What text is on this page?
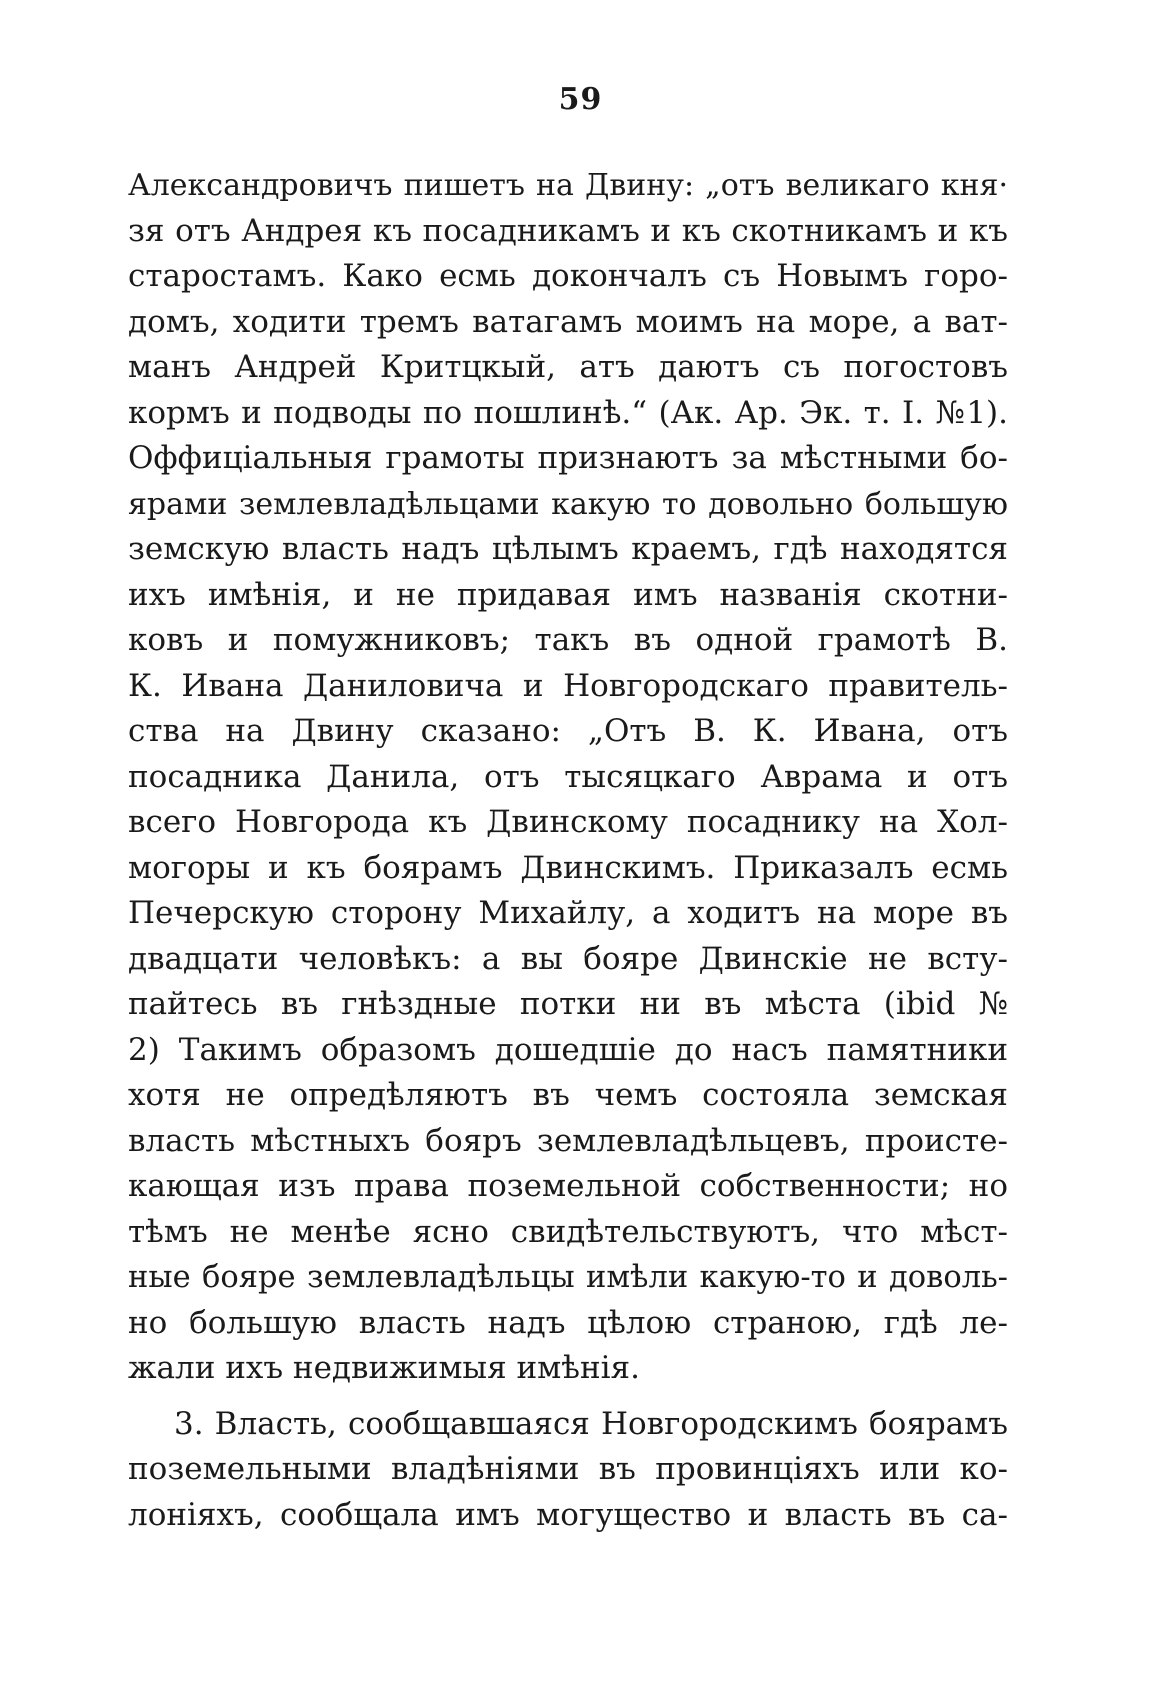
59
Александровичъ пишетъ на Двину: „отъ великаго кня·
зя отъ Андрея къ посадникамъ и къ скотникамъ и къ
старостамъ. Како есмь докончалъ съ Новымъ горо-
домъ, ходити тремъ ватагамъ моимъ на море, а ват-
манъ Андрей Критцкый, атъ даютъ съ погостовъ
кормъ и подводы по пошлинѣ.“ (Ак. Ар. Эк. т. I. №1).
Оффиціальныя грамоты признаютъ за мѣстными бо-
ярами землевладѣльцами какую то довольно большую
земскую власть надъ цѣлымъ краемъ, гдѣ находятся
ихъ имѣнія, и не придавая имъ названія скотни-
ковъ и помужниковъ; такъ въ одной грамотѣ В.
К. Ивана Даниловича и Новгородскаго правитель-
ства на Двину сказано: „Отъ В. К. Ивана, отъ
посадника Данила, отъ тысяцкаго Аврама и отъ
всего Новгорода къ Двинскому посаднику на Хол-
могоры и къ боярамъ Двинскимъ. Приказалъ есмь
Печерскую сторону Михайлу, а ходитъ на море въ
двадцати человѣкъ: а вы бояре Двинскіе не всту-
пайтесь въ гнѣздные потки ни въ мѣста (ibid №
2) Такимъ образомъ дошедшіе до насъ памятники
хотя не опредѣляютъ въ чемъ состояла земская
власть мѣстныхъ бояръ землевладѣльцевъ, происте-
кающая изъ права поземельной собственности; но
тѣмъ не менѣе ясно свидѣтельствуютъ, что мѣст-
ные бояре землевладѣльцы имѣли какую-то и доволь-
но большую власть надъ цѣлою страною, гдѣ ле-
жали ихъ недвижимыя имѣнія.
3. Власть, сообщавшаяся Новгородскимъ боярамъ
поземельными владѣніями въ провинціяхъ или ко-
лоніяхъ, сообщала имъ могущество и власть въ са-
